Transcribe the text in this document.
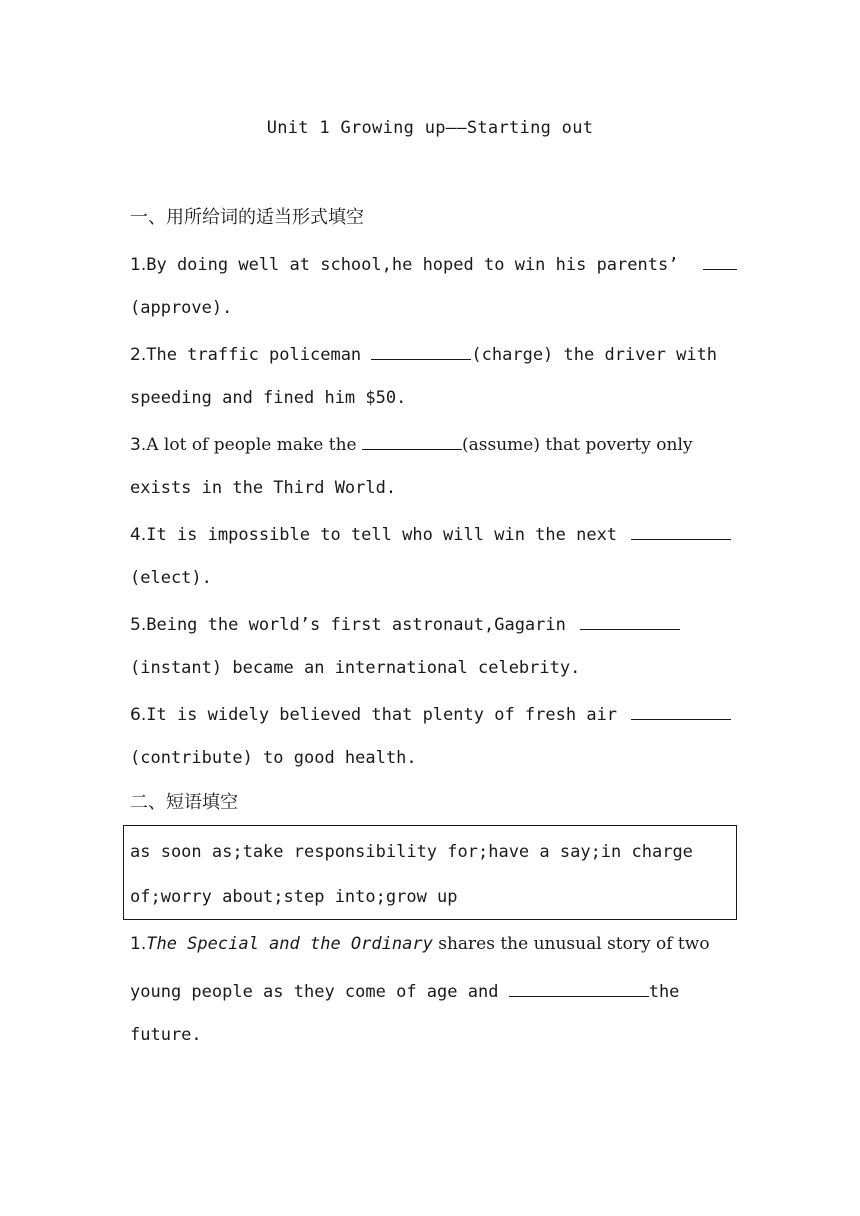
Unit 1 Growing up——Starting out
一、用所给词的适当形式填空
1.By doing well at school,he hoped to win his parents’
(approve).
2.The traffic policeman	(charge) the driver with
speeding and fined him $50.
3.A lot of people make the	(assume) that poverty only
exists in the Third World.
4.It is impossible to tell who will win the next
(elect).
5.Being the world’s first astronaut,Gagarin
(instant) became an international celebrity.
6.It is widely believed that plenty of fresh air
(contribute) to good health.
二、短语填空
as soon as;take responsibility for;have a say;in charge
of;worry about;step into;grow up
1.The Special and the Ordinary shares the unusual story of two
young people as they come of age and	the
future.
